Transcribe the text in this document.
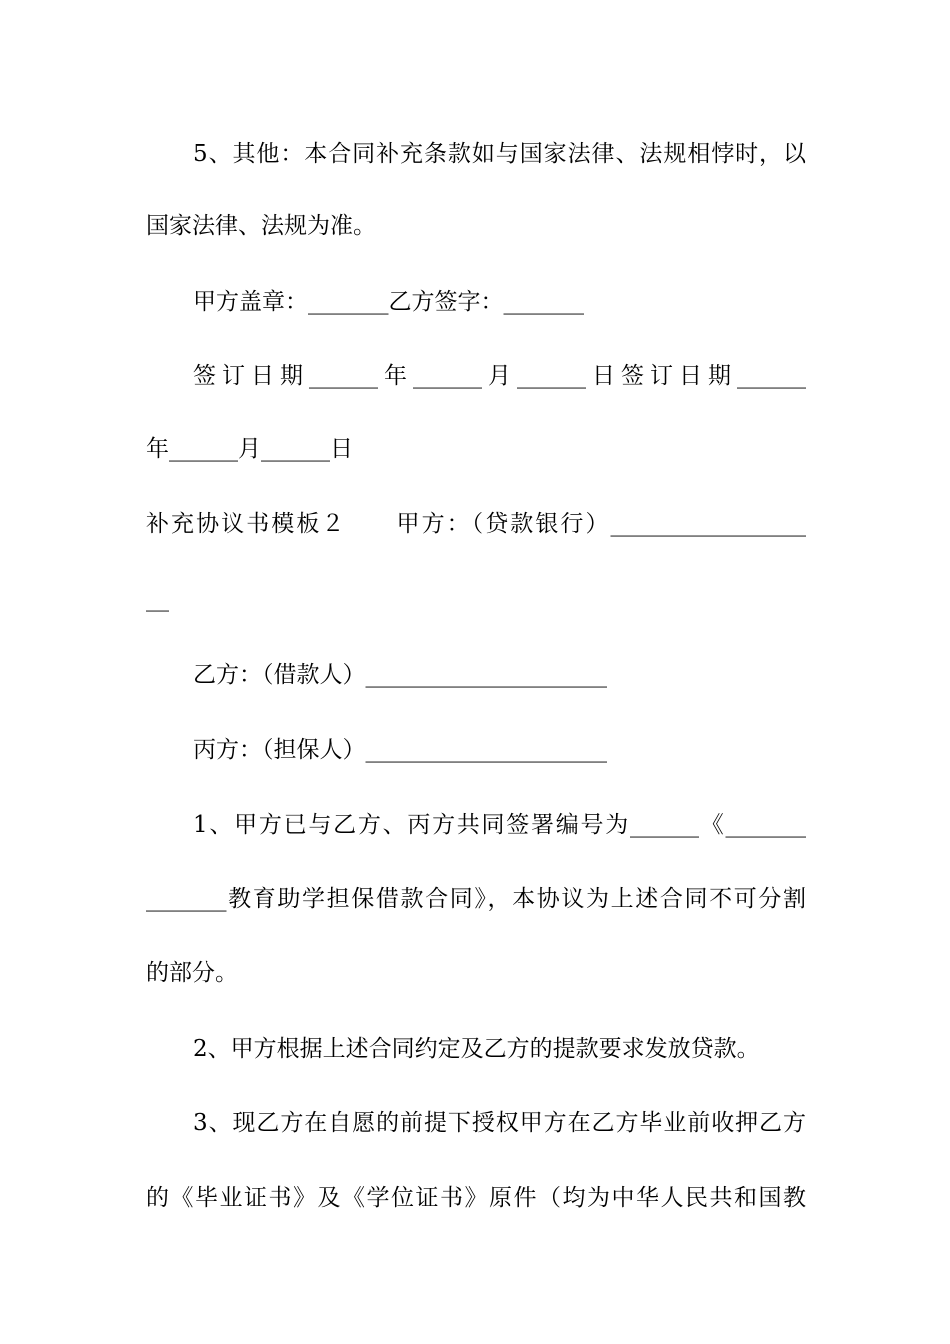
5、其他：本合同补充条款如与国家法律、法规相悖时，以
国家法律、法规为准。
甲方盖章：_______乙方签字：_______
签订日期______年______月______日签订日期______
年______月______日
补充协议书模板２　　甲方：（贷款银行）_________________
__
乙方：（借款人）_____________________
丙方：（担保人）_____________________
1、甲方已与乙方、丙方共同签署编号为______《_______
_______教育助学担保借款合同》，本协议为上述合同不可分割
的部分。
2、甲方根据上述合同约定及乙方的提款要求发放贷款。
3、现乙方在自愿的前提下授权甲方在乙方毕业前收押乙方
的《毕业证书》及《学位证书》原件（均为中华人民共和国教
